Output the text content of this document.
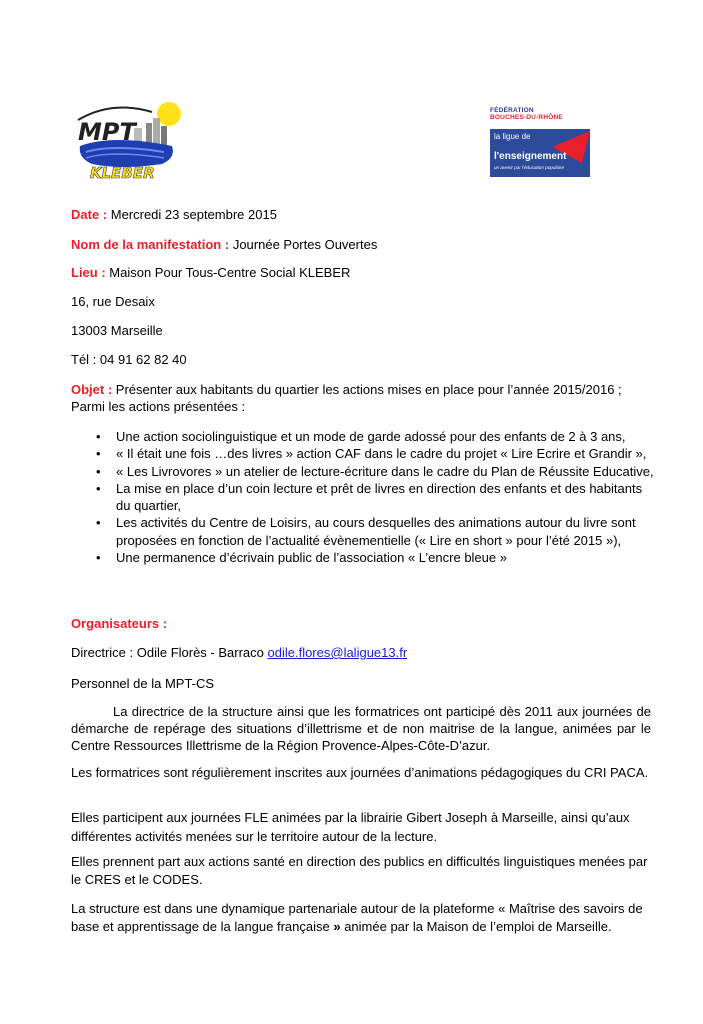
MPT
KLEBER
FÉDÉRATION
BOUCHES-DU-RHÔNE
la ligue de
l'enseignement
un avenir par l'éducation populaire
Date : Mercredi 23 septembre 2015
Nom de la manifestation : Journée Portes Ouvertes
Lieu : Maison Pour Tous-Centre Social KLEBER
16, rue Desaix
13003 Marseille
Tél : 04 91 62 82 40
Objet : Présenter aux habitants du quartier les actions mises en place pour l’année 2015/2016 ;
Parmi les actions présentées :
• Une action sociolinguistique et un mode de garde adossé pour des enfants de 2 à 3 ans,
• « Il était une fois …des livres » action CAF dans le cadre du projet « Lire Ecrire et Grandir »,
• « Les Livrovores » un atelier de lecture-écriture dans le cadre du Plan de Réussite Educative,
• La mise en place d’un coin lecture et prêt de livres en direction des enfants et des habitants du quartier,
• Les activités du Centre de Loisirs, au cours desquelles des animations autour du livre sont proposées en fonction de l’actualité évènementielle (« Lire en short » pour l’été 2015 »),
• Une permanence d’écrivain public de l’association « L’encre bleue »
Organisateurs :
Directrice : Odile Florès - Barraco odile.flores@laligue13.fr
Personnel de la MPT-CS
La directrice de la structure ainsi que les formatrices ont participé dès 2011 aux journées de démarche de repérage des situations d’illettrisme et de non maitrise de la langue, animées par le Centre Ressources Illettrisme de la Région Provence-Alpes-Côte-D’azur.
Les formatrices sont régulièrement inscrites aux journées d’animations pédagogiques du CRI PACA.
Elles participent aux journées FLE animées par la librairie Gibert Joseph à Marseille, ainsi qu’aux différentes activités menées sur le territoire autour de la lecture.
Elles prennent part aux actions santé en direction des publics en difficultés linguistiques menées par le CRES et le CODES.
La structure est dans une dynamique partenariale autour de la plateforme « Maîtrise des savoirs de base et apprentissage de la langue française » animée par la Maison de l’emploi de Marseille.
